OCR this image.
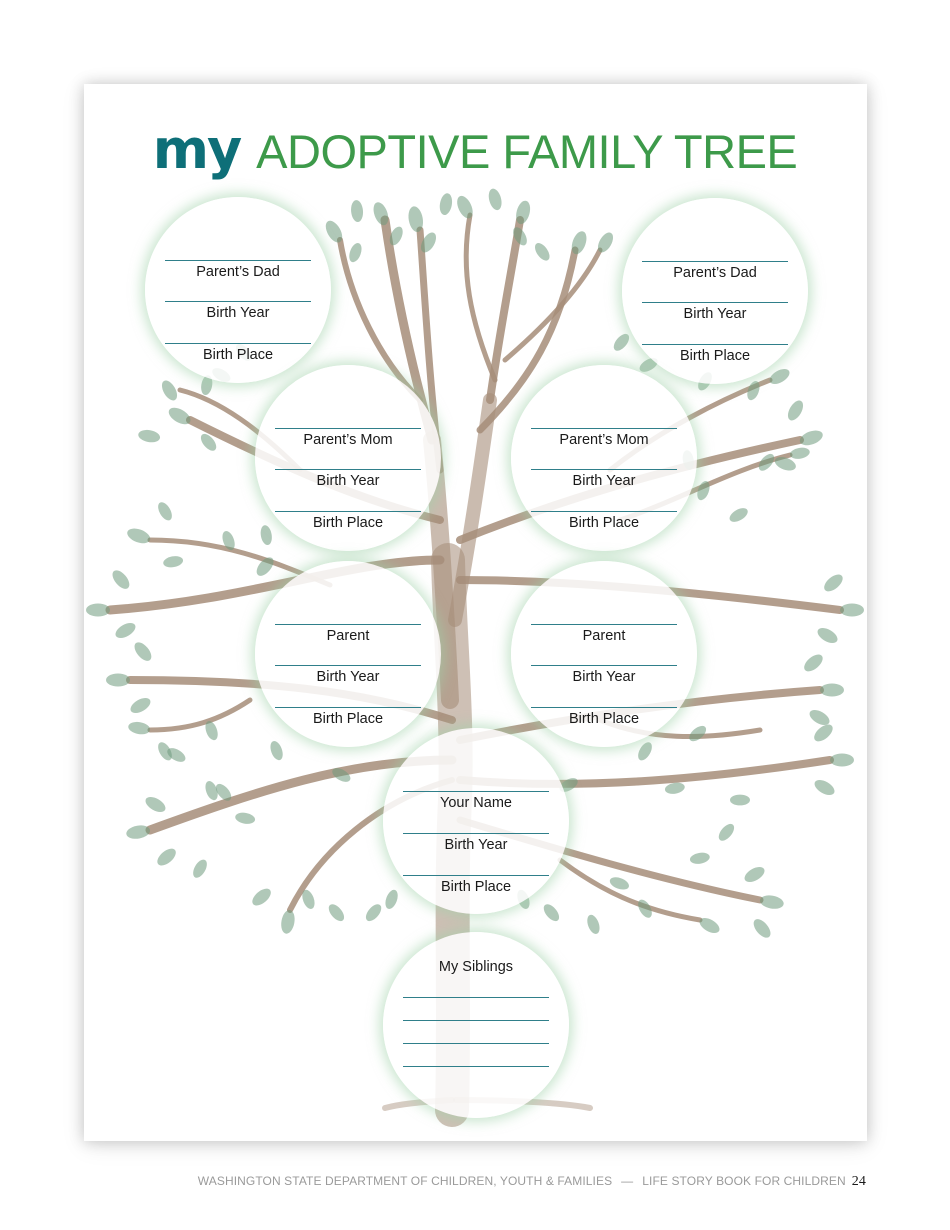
my ADOPTIVE FAMILY TREE
Parent’s Dad
Birth Year
Birth Place
Parent’s Dad
Birth Year
Birth Place
Parent’s Mom
Birth Year
Birth Place
Parent’s Mom
Birth Year
Birth Place
Parent
Birth Year
Birth Place
Parent
Birth Year
Birth Place
Your Name
Birth Year
Birth Place
My Siblings
WASHINGTON STATE DEPARTMENT OF CHILDREN, YOUTH & FAMILIES — LIFE STORY BOOK FOR CHILDREN 24
